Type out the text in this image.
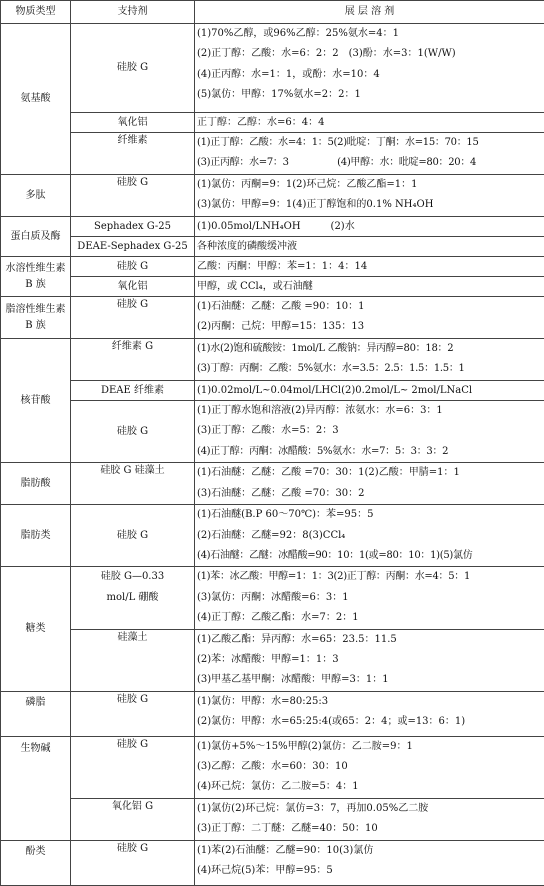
物质类型	支持剂	展 层 溶 剂
氨基酸	硅胶 G	(1)70%乙醇，或96%乙醇：25%氨水=4：1
(2)正丁醇：乙酸：水=6：2：2　(3)酚：水=3：1(W/W)
(4)正丙醇：水=1：1，或酚：水=10：4
(5)氯仿：甲醇：17%氨水=2：2：1

	氧化铝	正丁醇：乙醇：水=6：4：4
	纤维素	(1)正丁醇：乙酸：水=4：1：5(2)吡啶：丁酮：水=15：70：15
(3)正丙醇：水=7：3　　　　　(4)甲醇：水：吡啶=80：20：4

多肽	硅胶 G	(1)氯仿：丙酮=9：1(2)环己烷：乙酸乙酯=1：1
(3)氯仿：甲醇=9：1(4)正丁醇饱和的0.1% NH₄OH

蛋白质及酶	Sephadex G-25	(1)0.05mol/LNH₄OH　　　(2)水
	DEAE-Sephadex G-25	各种浓度的磷酸缓冲液
水溶性维生素 B 族	硅胶 G	乙酸：丙酮：甲醇：苯=1：1：4：14
	氧化铝	甲醇，或 CCl₄，或石油醚
脂溶性维生素 B 族	硅胶 G	(1)石油醚：乙醚：乙酸 =90：10：1
(2)丙酮：己烷：甲醇=15：135：13

核苷酸	纤维素 G	(1)水(2)饱和硫酸铵：1mol/L 乙酸钠：异丙醇=80：18：2
(3)丁醇：丙酮：乙酸：5%氨水：水=3.5：2.5：1.5：1.5：1

	DEAE 纤维素	(1)0.02mol/L~0.04mol/LHCl(2)0.2mol/L~ 2mol/LNaCl
	硅胶 G	(1)正丁醇水饱和溶液(2)异丙醇：浓氨水：水=6：3：1
(3)正丁醇：乙酸：水=5：2：3
(4)正丁醇：丙酮：冰醋酸：5%氨水：水=7：5：3：3：2

脂肪酸	硅胶 G 硅藻土	(1)石油醚：乙醚：乙酸 =70：30：1(2)乙酸：甲腈=1：1
(3)石油醚：乙醚：乙酸 =70：30：2

脂肪类	硅胶 G	(1)石油醚(B.P 60～70℃)：苯=95：5
(2)石油醚：乙醚=92：8(3)CCl₄
(4)石油醚：乙醚：冰醋酸=90：10：1(或=80：10：1)(5)氯仿

糖类	硅胶 G—0.33
mol/L 硼酸	(1)苯：冰乙酸：甲醇=1：1：3(2)正丁醇：丙酮：水=4：5：1
(3)氯仿：丙酮：冰醋酸=6：3：1
(4)正丁醇：乙酸乙酯：水=7：2：1

	硅藻土	(1)乙酸乙酯：异丙醇：水=65：23.5：11.5
(2)苯：冰醋酸：甲醇=1：1：3
(3)甲基乙基甲酮：冰醋酸：甲醇=3：1：1

磷脂	硅胶 G	(1)氯仿：甲醇：水=80:25:3
(2)氯仿：甲醇：水=65:25:4(或65：2：4；或=13：6：1)

生物碱	硅胶 G	(1)氯仿+5%～15%甲醇(2)氯仿：乙二胺=9：1
(3)乙醇：乙酸：水=60：30：10
(4)环己烷：氯仿：乙二胺=5：4：1

	氧化铝 G	(1)氯仿(2)环己烷：氯仿=3：7，再加0.05%乙二胺
(3)正丁醇：二丁醚：乙醚=40：50：10

酚类	硅胶 G	(1)苯(2)石油醚：乙醚=90：10(3)氯仿
(4)环己烷(5)苯：甲醇=95：5
